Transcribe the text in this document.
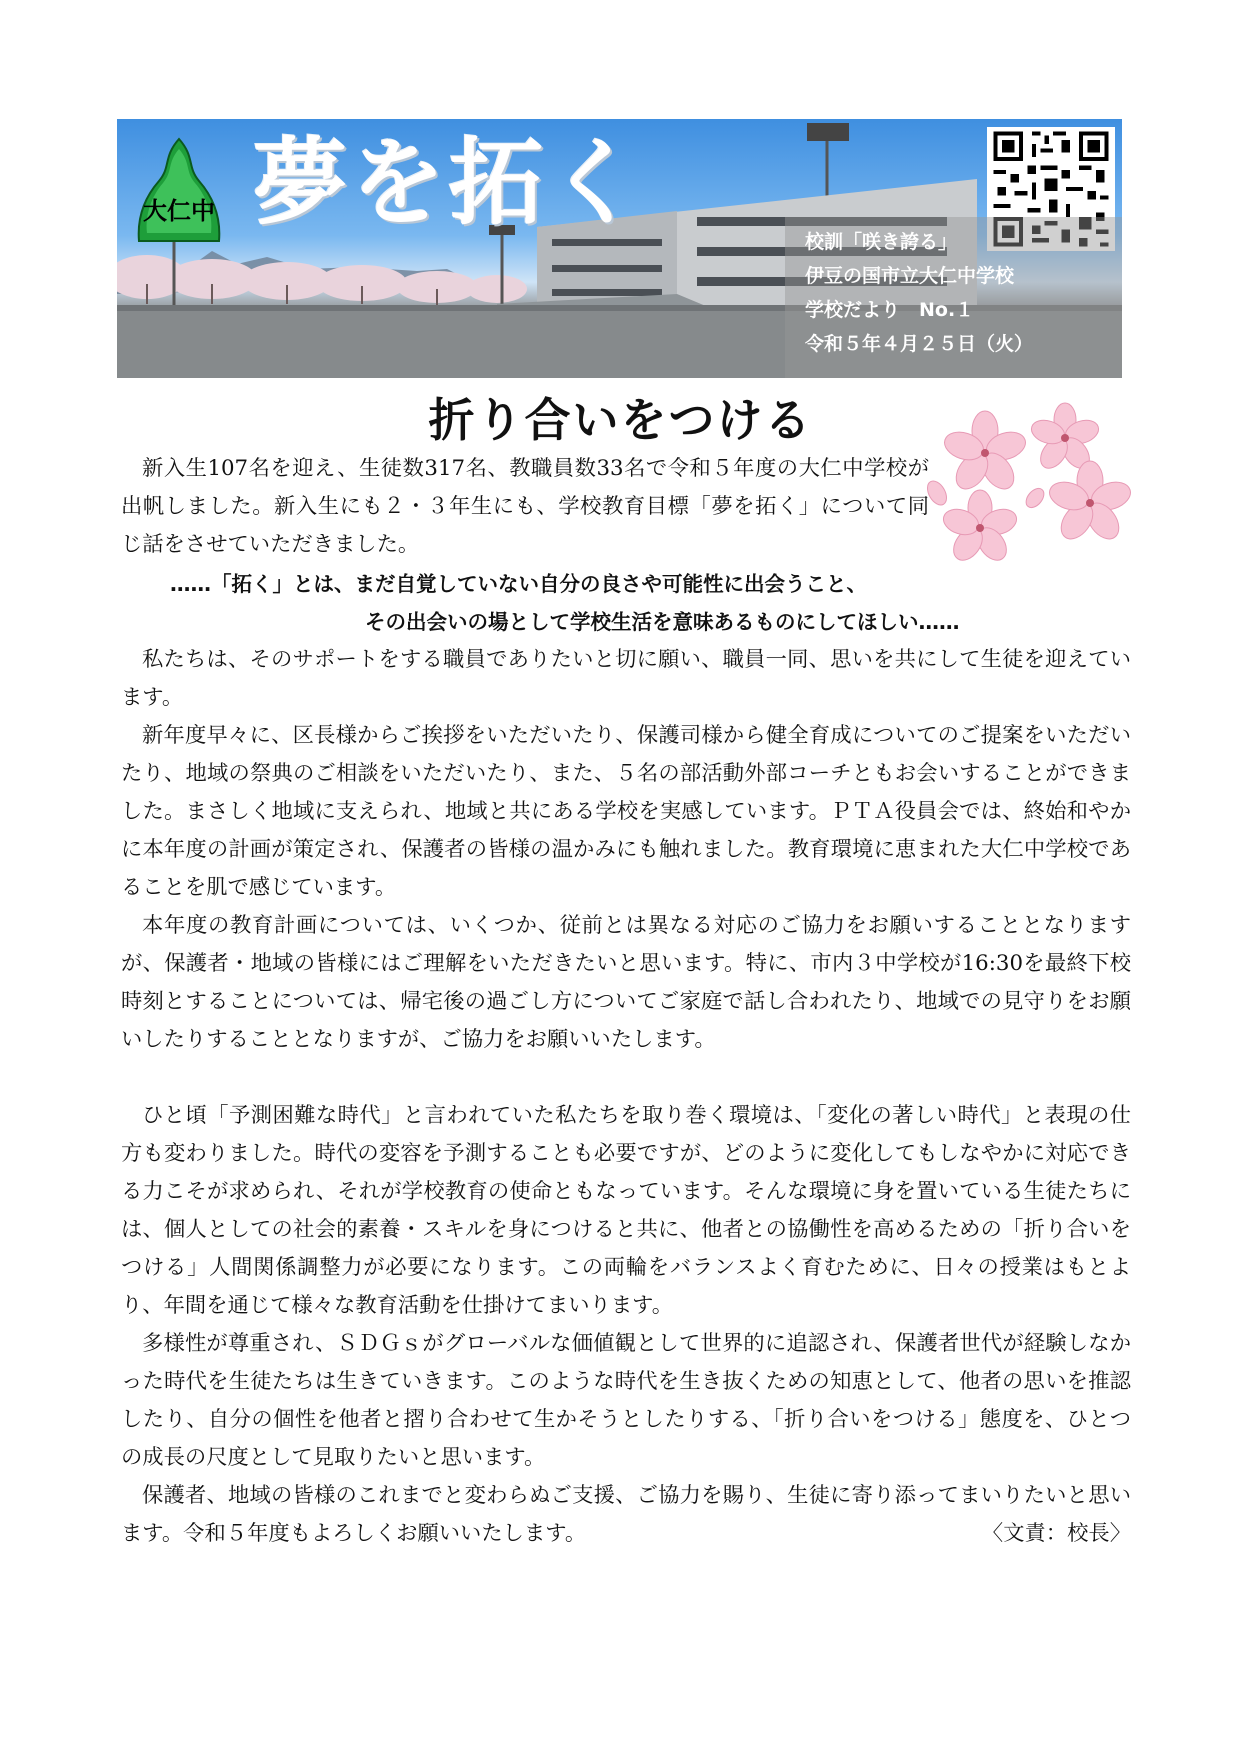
大仁中 夢を拓く
校訓「咲き誇る」
伊豆の国市立大仁中学校
学校だより　No.１
令和５年４月２５日（火）
折り合いをつける

新入生107名を迎え、生徒数317名、教職員数33名で令和５年度の大仁中学校が出帆しました。新入生にも２・３年生にも、学校教育目標「夢を拓く」について同じ話をさせていただきました。

……「拓く」とは、まだ自覚していない自分の良さや可能性に出会うこと、
その出会いの場として学校生活を意味あるものにしてほしい……

私たちは、そのサポートをする職員でありたいと切に願い、職員一同、思いを共にして生徒を迎えています。

新年度早々に、区長様からご挨拶をいただいたり、保護司様から健全育成についてのご提案をいただいたり、地域の祭典のご相談をいただいたり、また、５名の部活動外部コーチともお会いすることができました。まさしく地域に支えられ、地域と共にある学校を実感しています。ＰＴＡ役員会では、終始和やかに本年度の計画が策定され、保護者の皆様の温かみにも触れました。教育環境に恵まれた大仁中学校であることを肌で感じています。

本年度の教育計画については、いくつか、従前とは異なる対応のご協力をお願いすることとなりますが、保護者・地域の皆様にはご理解をいただきたいと思います。特に、市内３中学校が16:30を最終下校時刻とすることについては、帰宅後の過ごし方についてご家庭で話し合われたり、地域での見守りをお願いしたりすることとなりますが、ご協力をお願いいたします。

ひと頃「予測困難な時代」と言われていた私たちを取り巻く環境は、「変化の著しい時代」と表現の仕方も変わりました。時代の変容を予測することも必要ですが、どのように変化してもしなやかに対応できる力こそが求められ、それが学校教育の使命ともなっています。そんな環境に身を置いている生徒たちには、個人としての社会的素養・スキルを身につけると共に、他者との協働性を高めるための「折り合いをつける」人間関係調整力が必要になります。この両輪をバランスよく育むために、日々の授業はもとより、年間を通じて様々な教育活動を仕掛けてまいります。

多様性が尊重され、ＳＤＧｓがグローバルな価値観として世界的に追認され、保護者世代が経験しなかった時代を生徒たちは生きていきます。このような時代を生き抜くための知恵として、他者の思いを推認したり、自分の個性を他者と摺り合わせて生かそうとしたりする、「折り合いをつける」態度を、ひとつの成長の尺度として見取りたいと思います。

保護者、地域の皆様のこれまでと変わらぬご支援、ご協力を賜り、生徒に寄り添ってまいりたいと思います。令和５年度もよろしくお願いいたします。	〈文責：校長〉
